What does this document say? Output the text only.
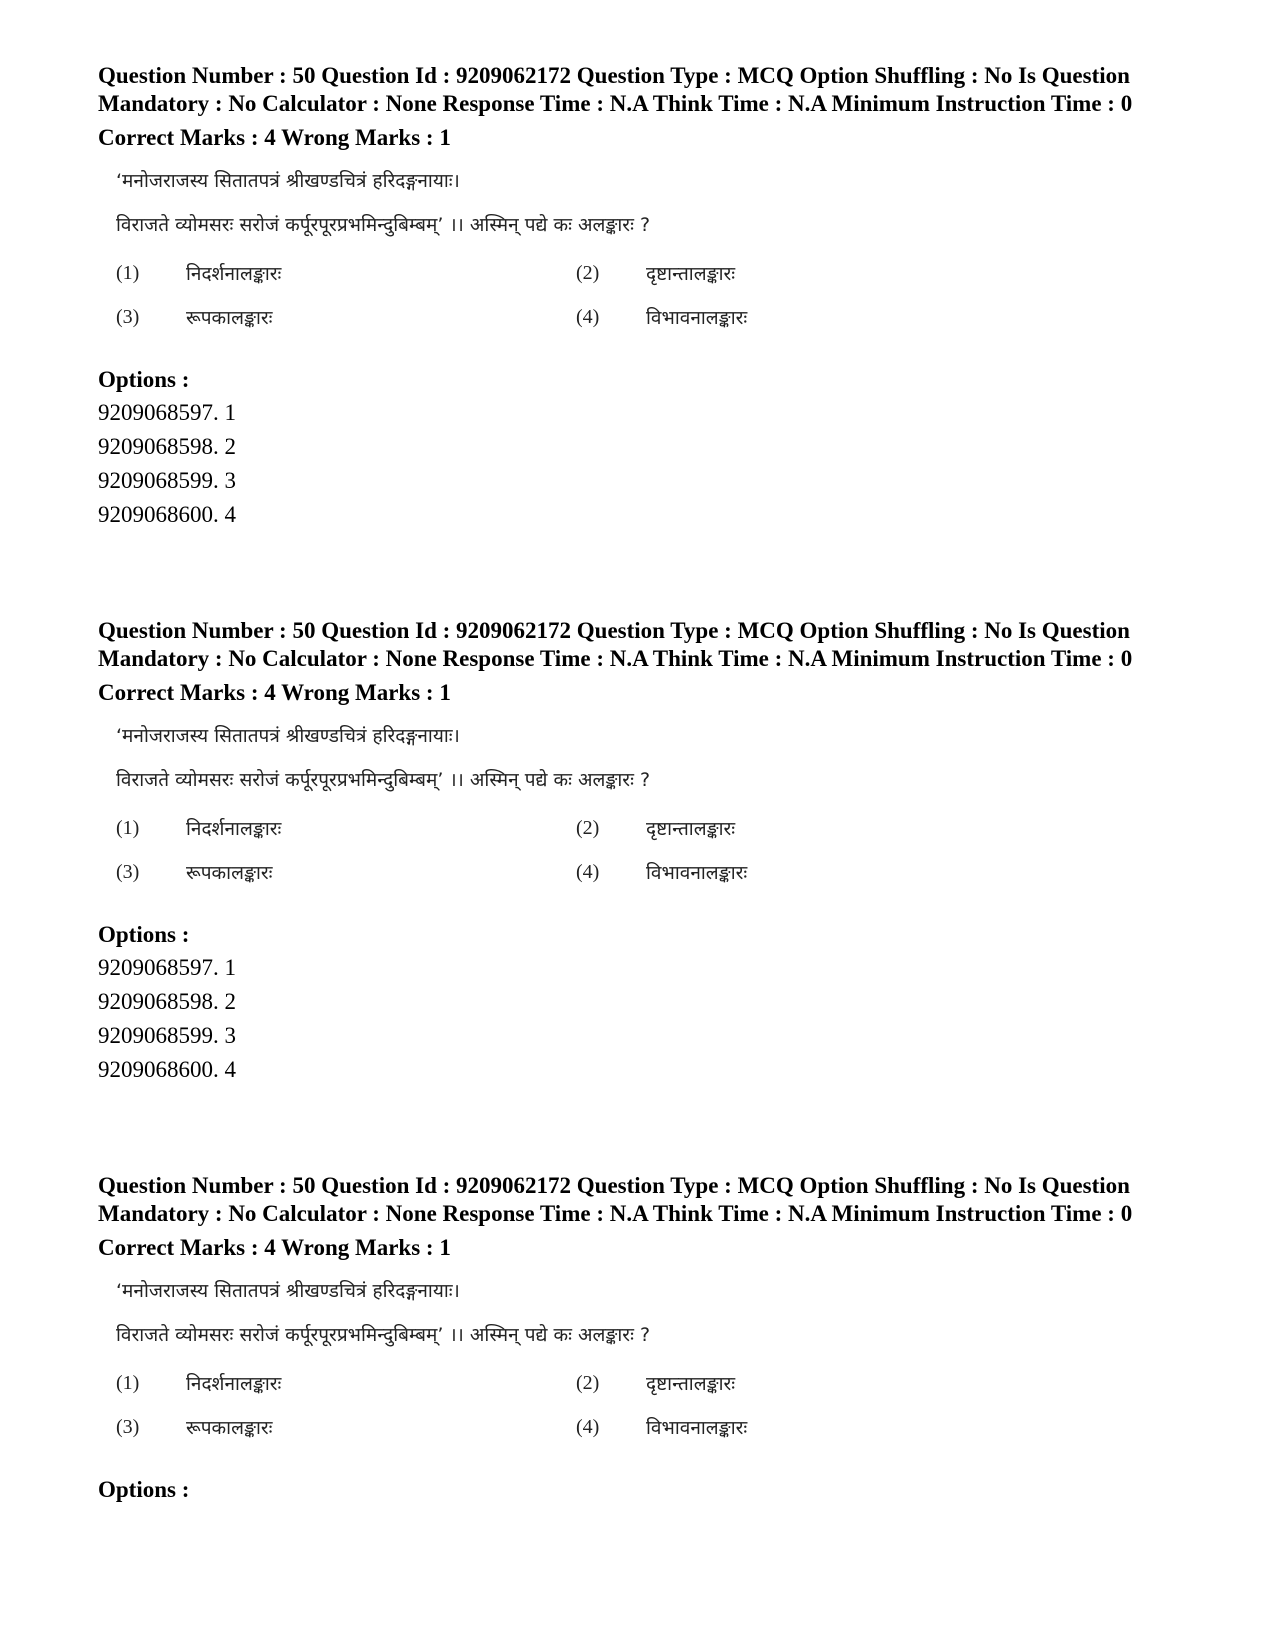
Question Number : 50 Question Id : 9209062172 Question Type : MCQ Option Shuffling : No Is Question Mandatory : No Calculator : None Response Time : N.A Think Time : N.A Minimum Instruction Time : 0

Correct Marks : 4 Wrong Marks : 1

‘मनोजराजस्य सितातपत्रं श्रीखण्डचित्रं हरिदङ्गनायाः।
विराजते व्योमसरः सरोजं कर्पूरपूरप्रभमिन्दुबिम्बम्’ ।। अस्मिन् पद्ये कः अलङ्कारः ?
(1)	निदर्शनालङ्कारः	(2)	दृष्टान्तालङ्कारः
(3)	रूपकालङ्कारः	(4)	विभावनालङ्कारः
Options :
9209068597. 1
9209068598. 2
9209068599. 3
9209068600. 4

Question Number : 50 Question Id : 9209062172 Question Type : MCQ Option Shuffling : No Is Question Mandatory : No Calculator : None Response Time : N.A Think Time : N.A Minimum Instruction Time : 0

Correct Marks : 4 Wrong Marks : 1

‘मनोजराजस्य सितातपत्रं श्रीखण्डचित्रं हरिदङ्गनायाः।
विराजते व्योमसरः सरोजं कर्पूरपूरप्रभमिन्दुबिम्बम्’ ।। अस्मिन् पद्ये कः अलङ्कारः ?
(1)	निदर्शनालङ्कारः	(2)	दृष्टान्तालङ्कारः
(3)	रूपकालङ्कारः	(4)	विभावनालङ्कारः
Options :
9209068597. 1
9209068598. 2
9209068599. 3
9209068600. 4

Question Number : 50 Question Id : 9209062172 Question Type : MCQ Option Shuffling : No Is Question Mandatory : No Calculator : None Response Time : N.A Think Time : N.A Minimum Instruction Time : 0

Correct Marks : 4 Wrong Marks : 1

‘मनोजराजस्य सितातपत्रं श्रीखण्डचित्रं हरिदङ्गनायाः।
विराजते व्योमसरः सरोजं कर्पूरपूरप्रभमिन्दुबिम्बम्’ ।। अस्मिन् पद्ये कः अलङ्कारः ?
(1)	निदर्शनालङ्कारः	(2)	दृष्टान्तालङ्कारः
(3)	रूपकालङ्कारः	(4)	विभावनालङ्कारः
Options :
